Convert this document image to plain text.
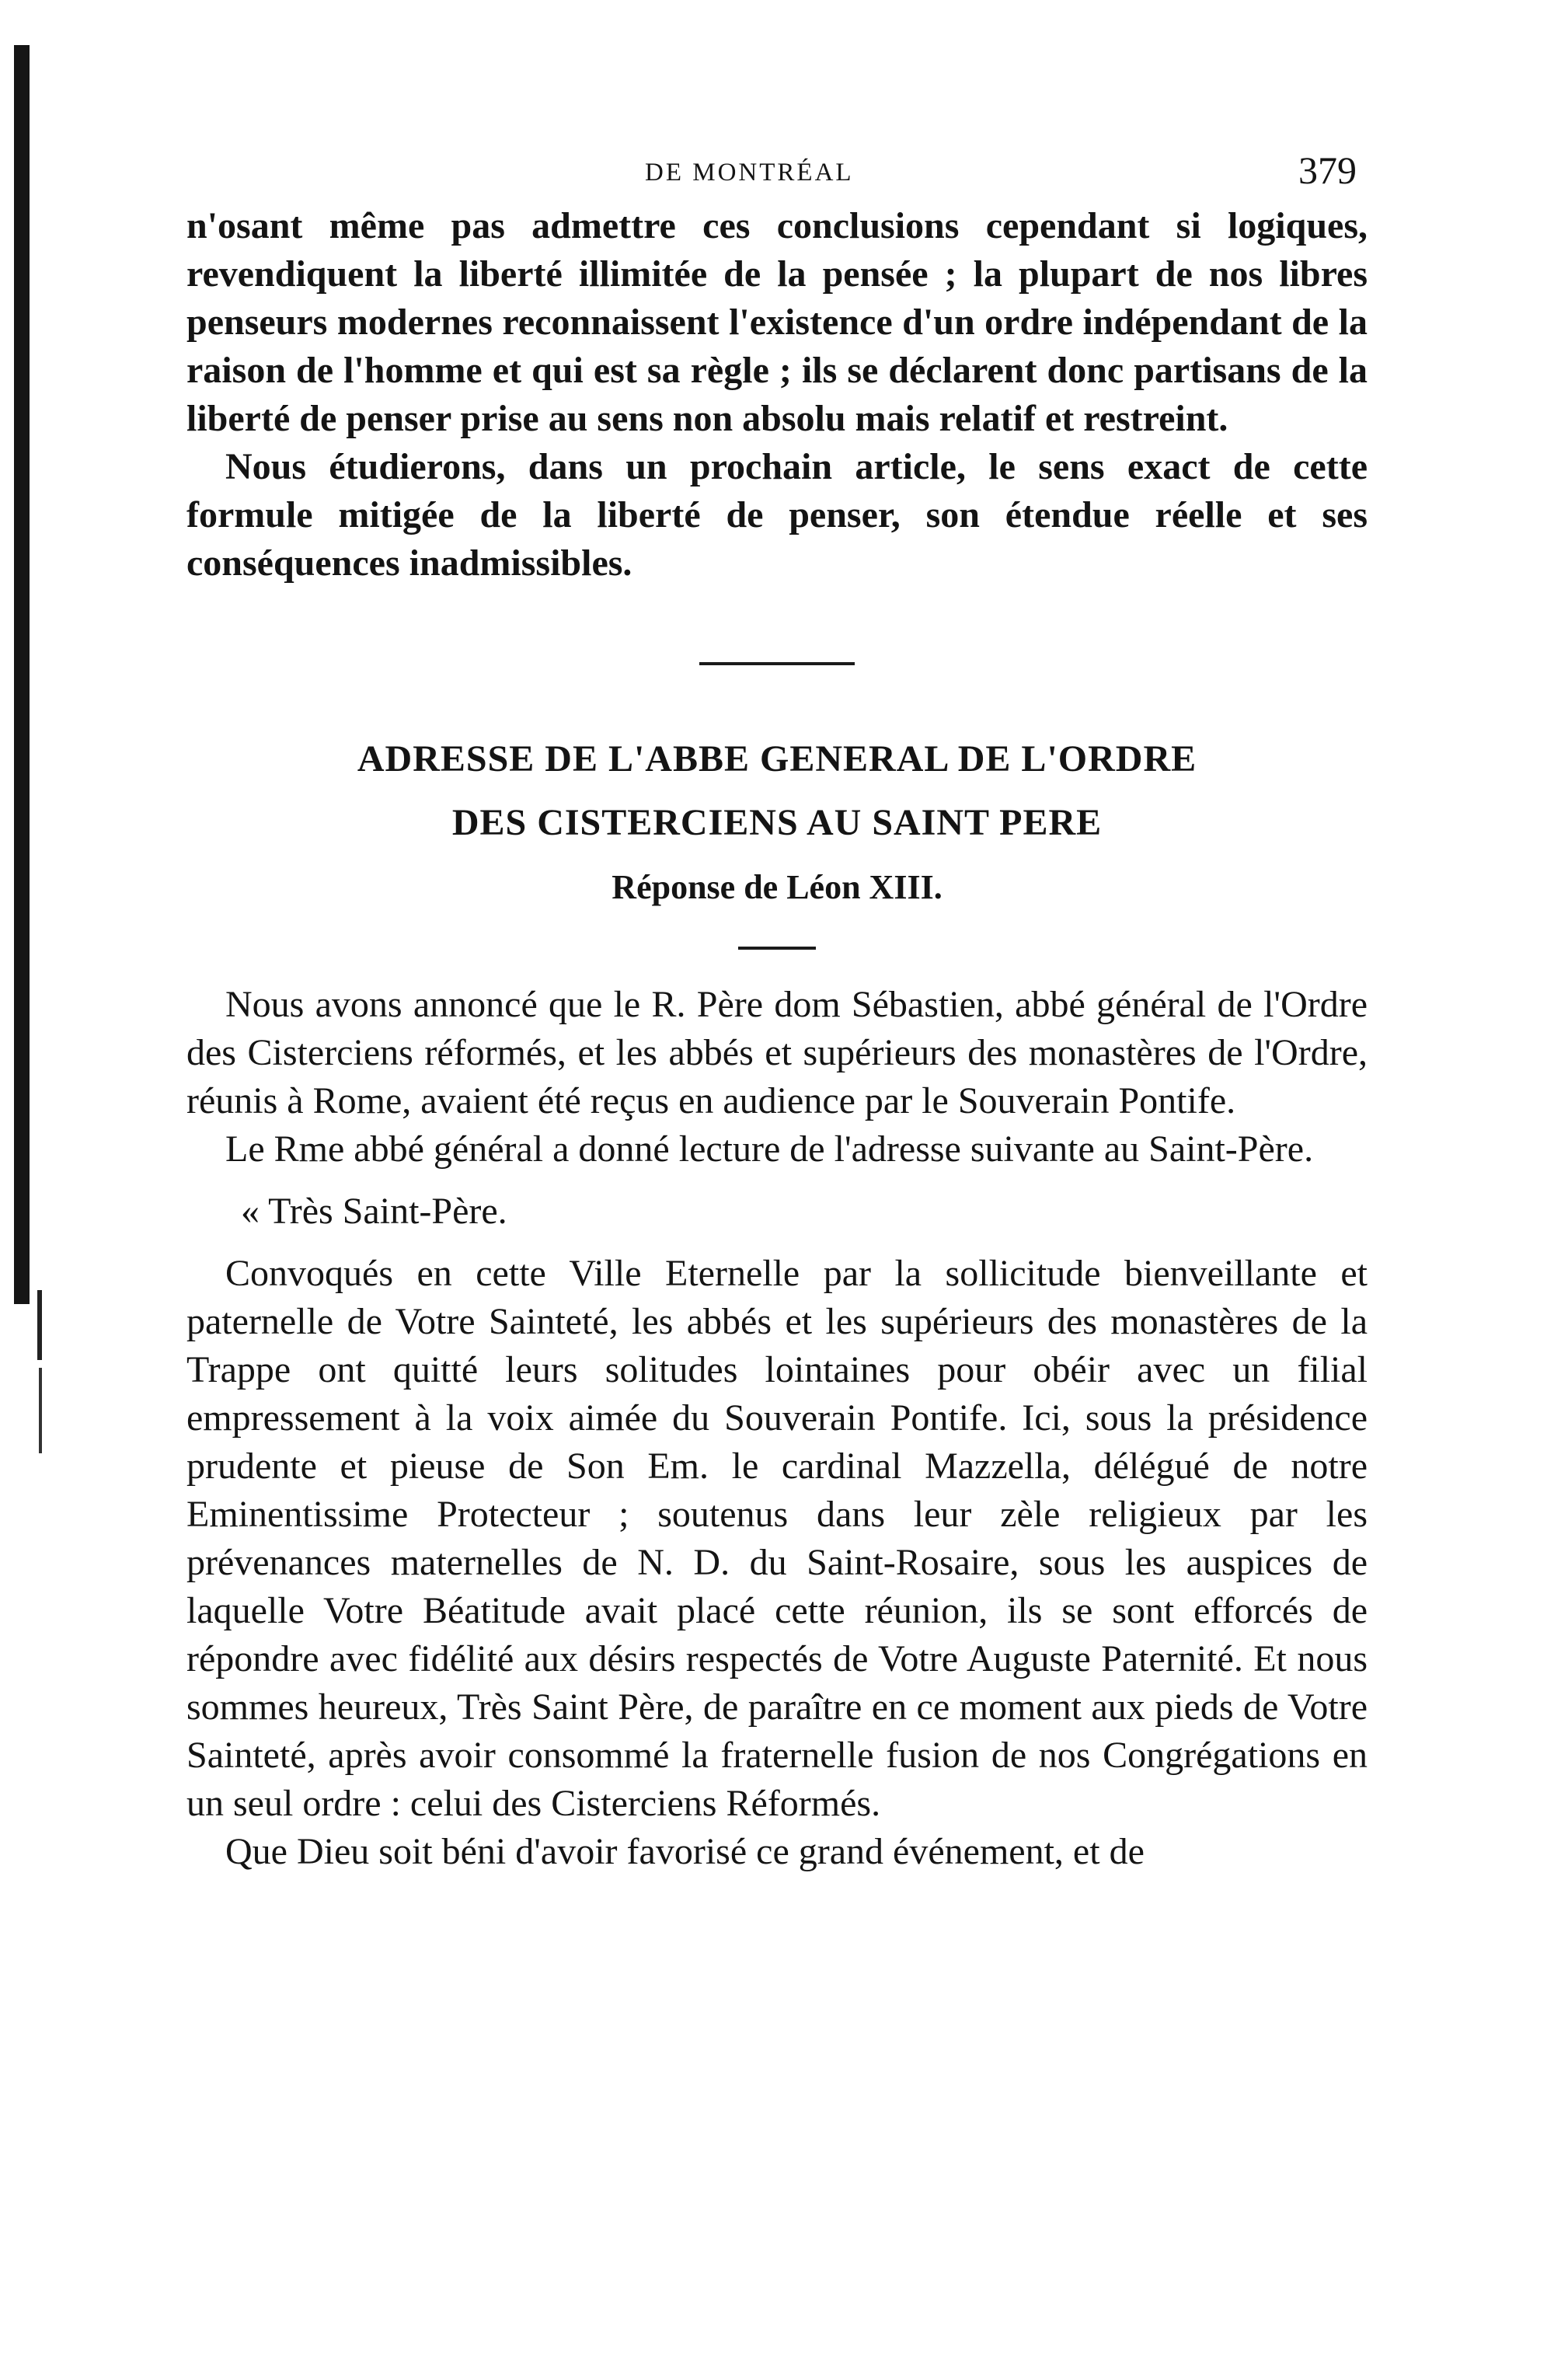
DE MONTRÉAL	379

n'osant même pas admettre ces conclusions cependant si logiques, revendiquent la liberté illimitée de la pensée ; la plupart de nos libres penseurs modernes reconnaissent l'existence d'un ordre indépendant de la raison de l'homme et qui est sa règle ; ils se déclarent donc partisans de la liberté de penser prise au sens non absolu mais relatif et restreint.

Nous étudierons, dans un prochain article, le sens exact de cette formule mitigée de la liberté de penser, son étendue réelle et ses conséquences inadmissibles.

ADRESSE DE L'ABBE GENERAL DE L'ORDRE
DES CISTERCIENS AU SAINT PERE
Réponse de Léon XIII.

Nous avons annoncé que le R. Père dom Sébastien, abbé général de l'Ordre des Cisterciens réformés, et les abbés et supérieurs des monastères de l'Ordre, réunis à Rome, avaient été reçus en audience par le Souverain Pontife.

Le Rme abbé général a donné lecture de l'adresse suivante au Saint-Père.

« Très Saint-Père.

Convoqués en cette Ville Eternelle par la sollicitude bienveillante et paternelle de Votre Sainteté, les abbés et les supérieurs des monastères de la Trappe ont quitté leurs solitudes lointaines pour obéir avec un filial empressement à la voix aimée du Souverain Pontife. Ici, sous la présidence prudente et pieuse de Son Em. le cardinal Mazzella, délégué de notre Eminentissime Protecteur ; soutenus dans leur zèle religieux par les prévenances maternelles de N. D. du Saint-Rosaire, sous les auspices de laquelle Votre Béatitude avait placé cette réunion, ils se sont efforcés de répondre avec fidélité aux désirs respectés de Votre Auguste Paternité. Et nous sommes heureux, Très Saint Père, de paraître en ce moment aux pieds de Votre Sainteté, après avoir consommé la fraternelle fusion de nos Congrégations en un seul ordre : celui des Cisterciens Réformés.

Que Dieu soit béni d'avoir favorisé ce grand événement, et de
